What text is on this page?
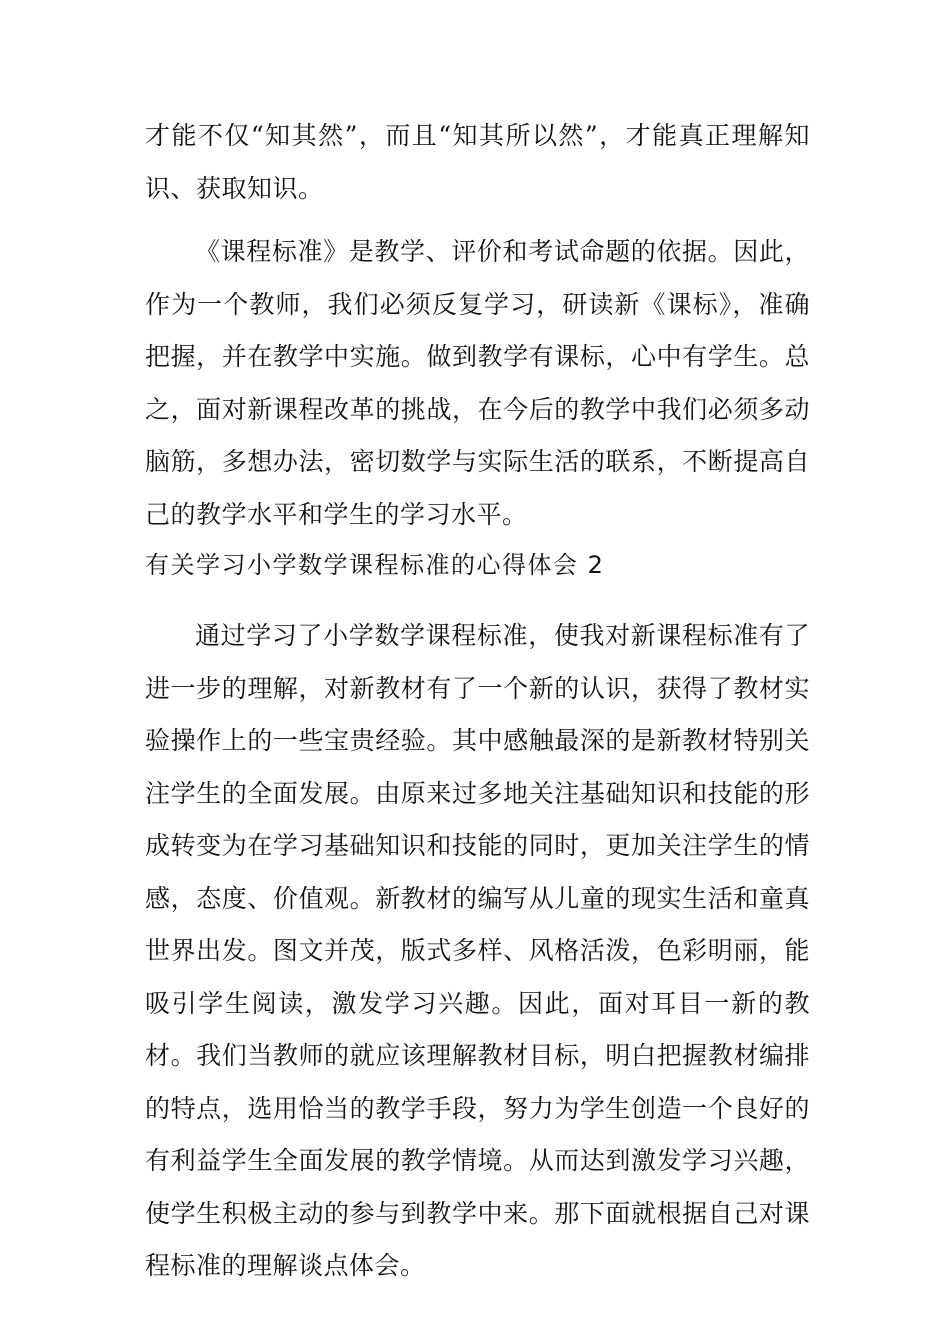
才能不仅“知其然”，而且“知其所以然”，才能真正理解知识、获取知识。

《课程标准》是教学、评价和考试命题的依据。因此，作为一个教师，我们必须反复学习，研读新《课标》，准确把握，并在教学中实施。做到教学有课标，心中有学生。总之，面对新课程改革的挑战，在今后的教学中我们必须多动脑筋，多想办法，密切数学与实际生活的联系，不断提高自己的教学水平和学生的学习水平。

有关学习小学数学课程标准的心得体会 2

通过学习了小学数学课程标准，使我对新课程标准有了进一步的理解，对新教材有了一个新的认识，获得了教材实验操作上的一些宝贵经验。其中感触最深的是新教材特别关注学生的全面发展。由原来过多地关注基础知识和技能的形成转变为在学习基础知识和技能的同时，更加关注学生的情感，态度、价值观。新教材的编写从儿童的现实生活和童真世界出发。图文并茂，版式多样、风格活泼，色彩明丽，能吸引学生阅读，激发学习兴趣。因此，面对耳目一新的教材。我们当教师的就应该理解教材目标，明白把握教材编排的特点，选用恰当的教学手段，努力为学生创造一个良好的有利益学生全面发展的教学情境。从而达到激发学习兴趣，使学生积极主动的参与到教学中来。那下面就根据自己对课程标准的理解谈点体会。
